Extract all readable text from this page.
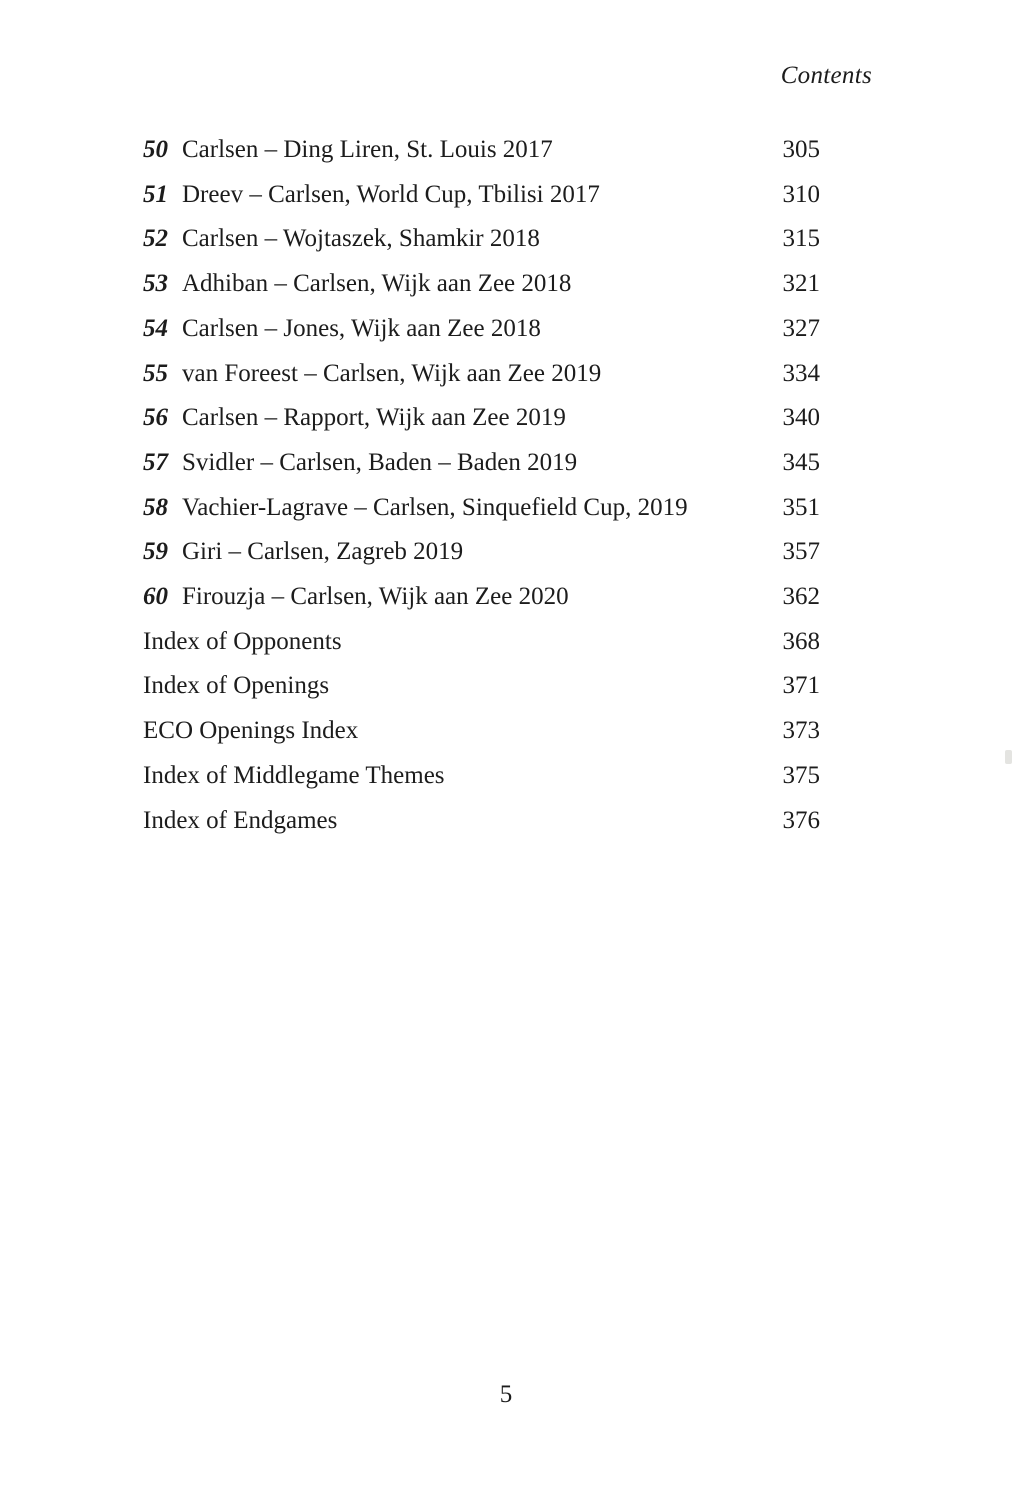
Contents
50 Carlsen – Ding Liren, St. Louis 2017	305
51 Dreev – Carlsen, World Cup, Tbilisi 2017	310
52 Carlsen – Wojtaszek, Shamkir 2018	315
53 Adhiban – Carlsen, Wijk aan Zee 2018	321
54 Carlsen – Jones, Wijk aan Zee 2018	327
55 van Foreest – Carlsen, Wijk aan Zee 2019	334
56 Carlsen – Rapport, Wijk aan Zee 2019	340
57 Svidler – Carlsen, Baden – Baden 2019	345
58 Vachier-Lagrave – Carlsen, Sinquefield Cup, 2019	351
59 Giri – Carlsen, Zagreb 2019	357
60 Firouzja – Carlsen, Wijk aan Zee 2020	362
Index of Opponents	368
Index of Openings	371
ECO Openings Index	373
Index of Middlegame Themes	375
Index of Endgames	376
5
